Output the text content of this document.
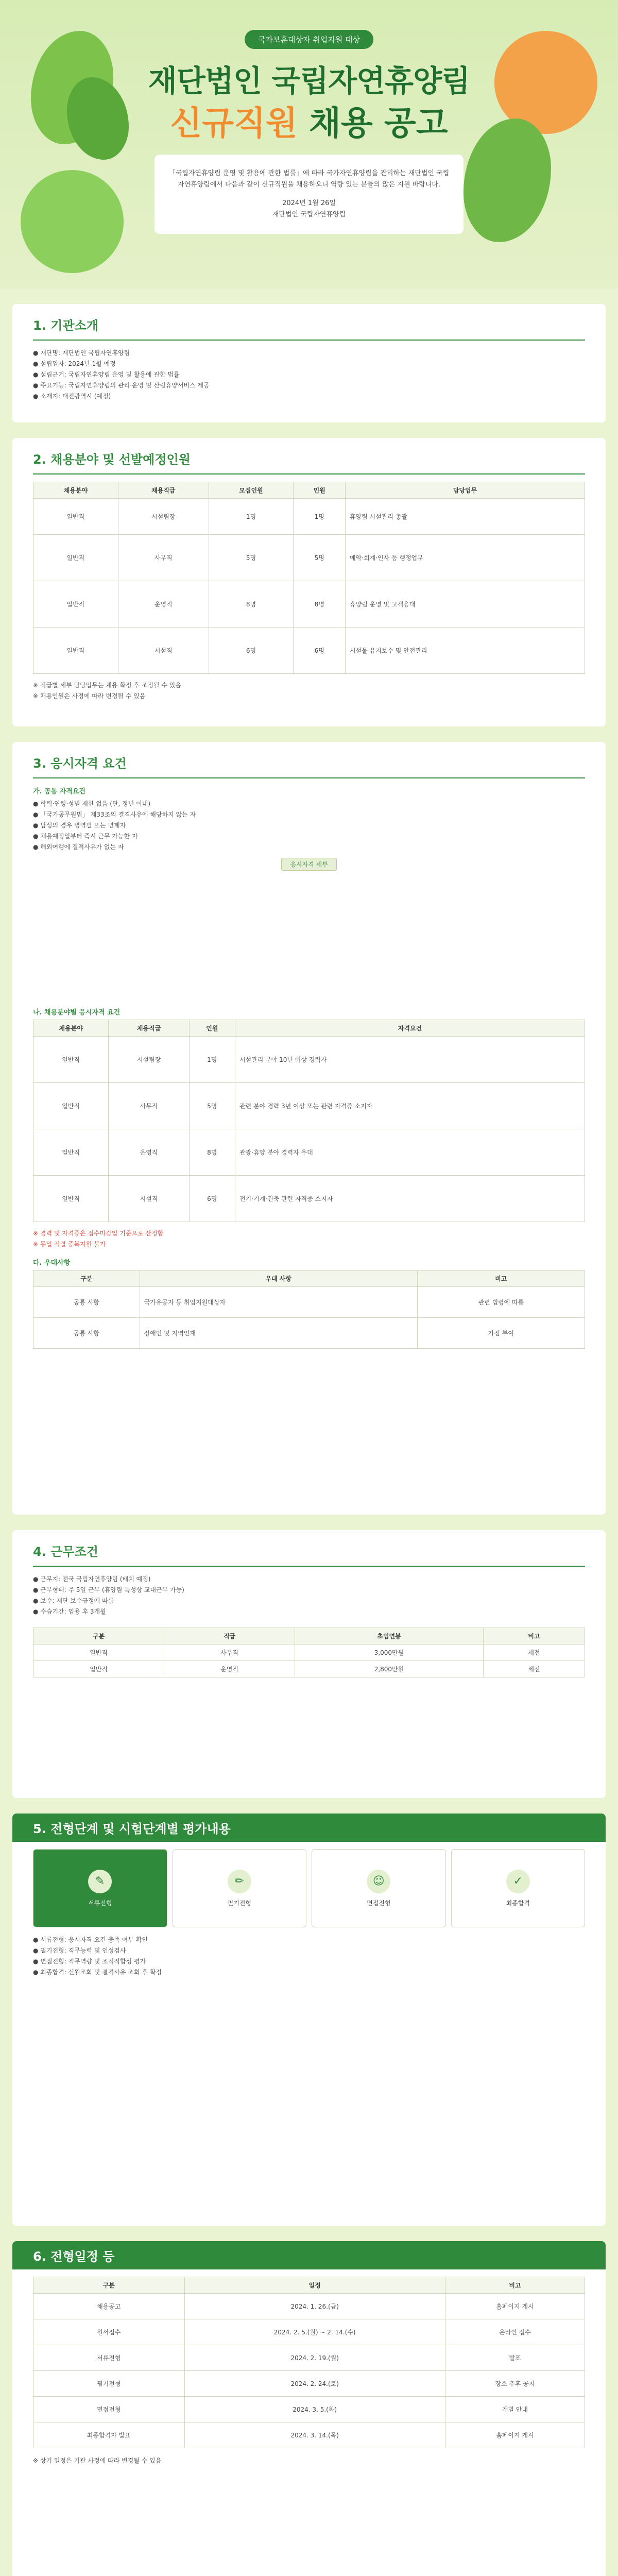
국가보훈대상자 취업지원 대상
재단법인 국립자연휴양림
신규직원 채용 공고
「국립자연휴양림 운영 및 활용에 관한 법률」에 따라 국가자연휴양림을 관리하는 재단법인 국립자연휴양림에서 다음과 같이 신규직원을 채용하오니 역량 있는 분들의 많은 지원 바랍니다.
2024년 1월 26일
재단법인 국립자연휴양림
1. 기관소개
● 재단명: 재단법인 국립자연휴양림
● 설립일자: 2024년 1월 예정
● 설립근거: 국립자연휴양림 운영 및 활용에 관한 법률
● 주요기능: 국립자연휴양림의 관리·운영 및 산림휴양서비스 제공
● 소재지: 대전광역시 (예정)
2. 채용분야 및 선발예정인원
채용분야	채용직급	모집인원	인원	담당업무
일반직	시설팀장	1명	1명	휴양림 시설관리 총괄
일반직	사무직	5명	5명	예약·회계·인사 등 행정업무
일반직	운영직	8명	8명	휴양림 운영 및 고객응대
일반직	시설직	6명	6명	시설물 유지보수 및 안전관리
※ 직급별 세부 담당업무는 채용 확정 후 조정될 수 있음
※ 채용인원은 사정에 따라 변경될 수 있음
3. 응시자격 요건
가. 공통 자격요건
● 학력·연령·성별 제한 없음 (단, 정년 이내)
● 「국가공무원법」 제33조의 결격사유에 해당하지 않는 자
● 남성의 경우 병역필 또는 면제자
● 채용예정일부터 즉시 근무 가능한 자
● 해외여행에 결격사유가 없는 자
응시자격 세부
나. 채용분야별 응시자격 요건
채용분야	채용직급	인원	자격요건
일반직	시설팀장	1명	시설관리 분야 10년 이상 경력자
일반직	사무직	5명	관련 분야 경력 3년 이상 또는 관련 자격증 소지자
일반직	운영직	8명	관광·휴양 분야 경력자 우대
일반직	시설직	6명	전기·기계·건축 관련 자격증 소지자
※ 경력 및 자격증은 접수마감일 기준으로 산정함
※ 동일 직렬 중복지원 불가
다. 우대사항
구분	우대 사항	비고
공통 사항	국가유공자 등 취업지원대상자	관련 법령에 따름
공통 사항	장애인 및 지역인재	가점 부여
4. 근무조건
● 근무지: 전국 국립자연휴양림 (배치 예정)
● 근무형태: 주 5일 근무 (휴양림 특성상 교대근무 가능)
● 보수: 재단 보수규정에 따름
● 수습기간: 임용 후 3개월
구분	직급	초임연봉	비고
일반직	사무직	3,000만원	세전
일반직	운영직	2,800만원	세전
5. 전형단계 및 시험단계별 평가내용
✎
서류전형
✏
필기전형
☺
면접전형
✓
최종합격
● 서류전형: 응시자격 요건 충족 여부 확인
● 필기전형: 직무능력 및 인성검사
● 면접전형: 직무역량 및 조직적합성 평가
● 최종합격: 신원조회 및 결격사유 조회 후 확정
6. 전형일정 등
구분	일정	비고
채용공고	2024. 1. 26.(금)	홈페이지 게시
원서접수	2024. 2. 5.(월) ~ 2. 14.(수)	온라인 접수
서류전형	2024. 2. 19.(월)	발표
필기전형	2024. 2. 24.(토)	장소 추후 공지
면접전형	2024. 3. 5.(화)	개별 안내
최종합격자 발표	2024. 3. 14.(목)	홈페이지 게시
※ 상기 일정은 기관 사정에 따라 변경될 수 있음
